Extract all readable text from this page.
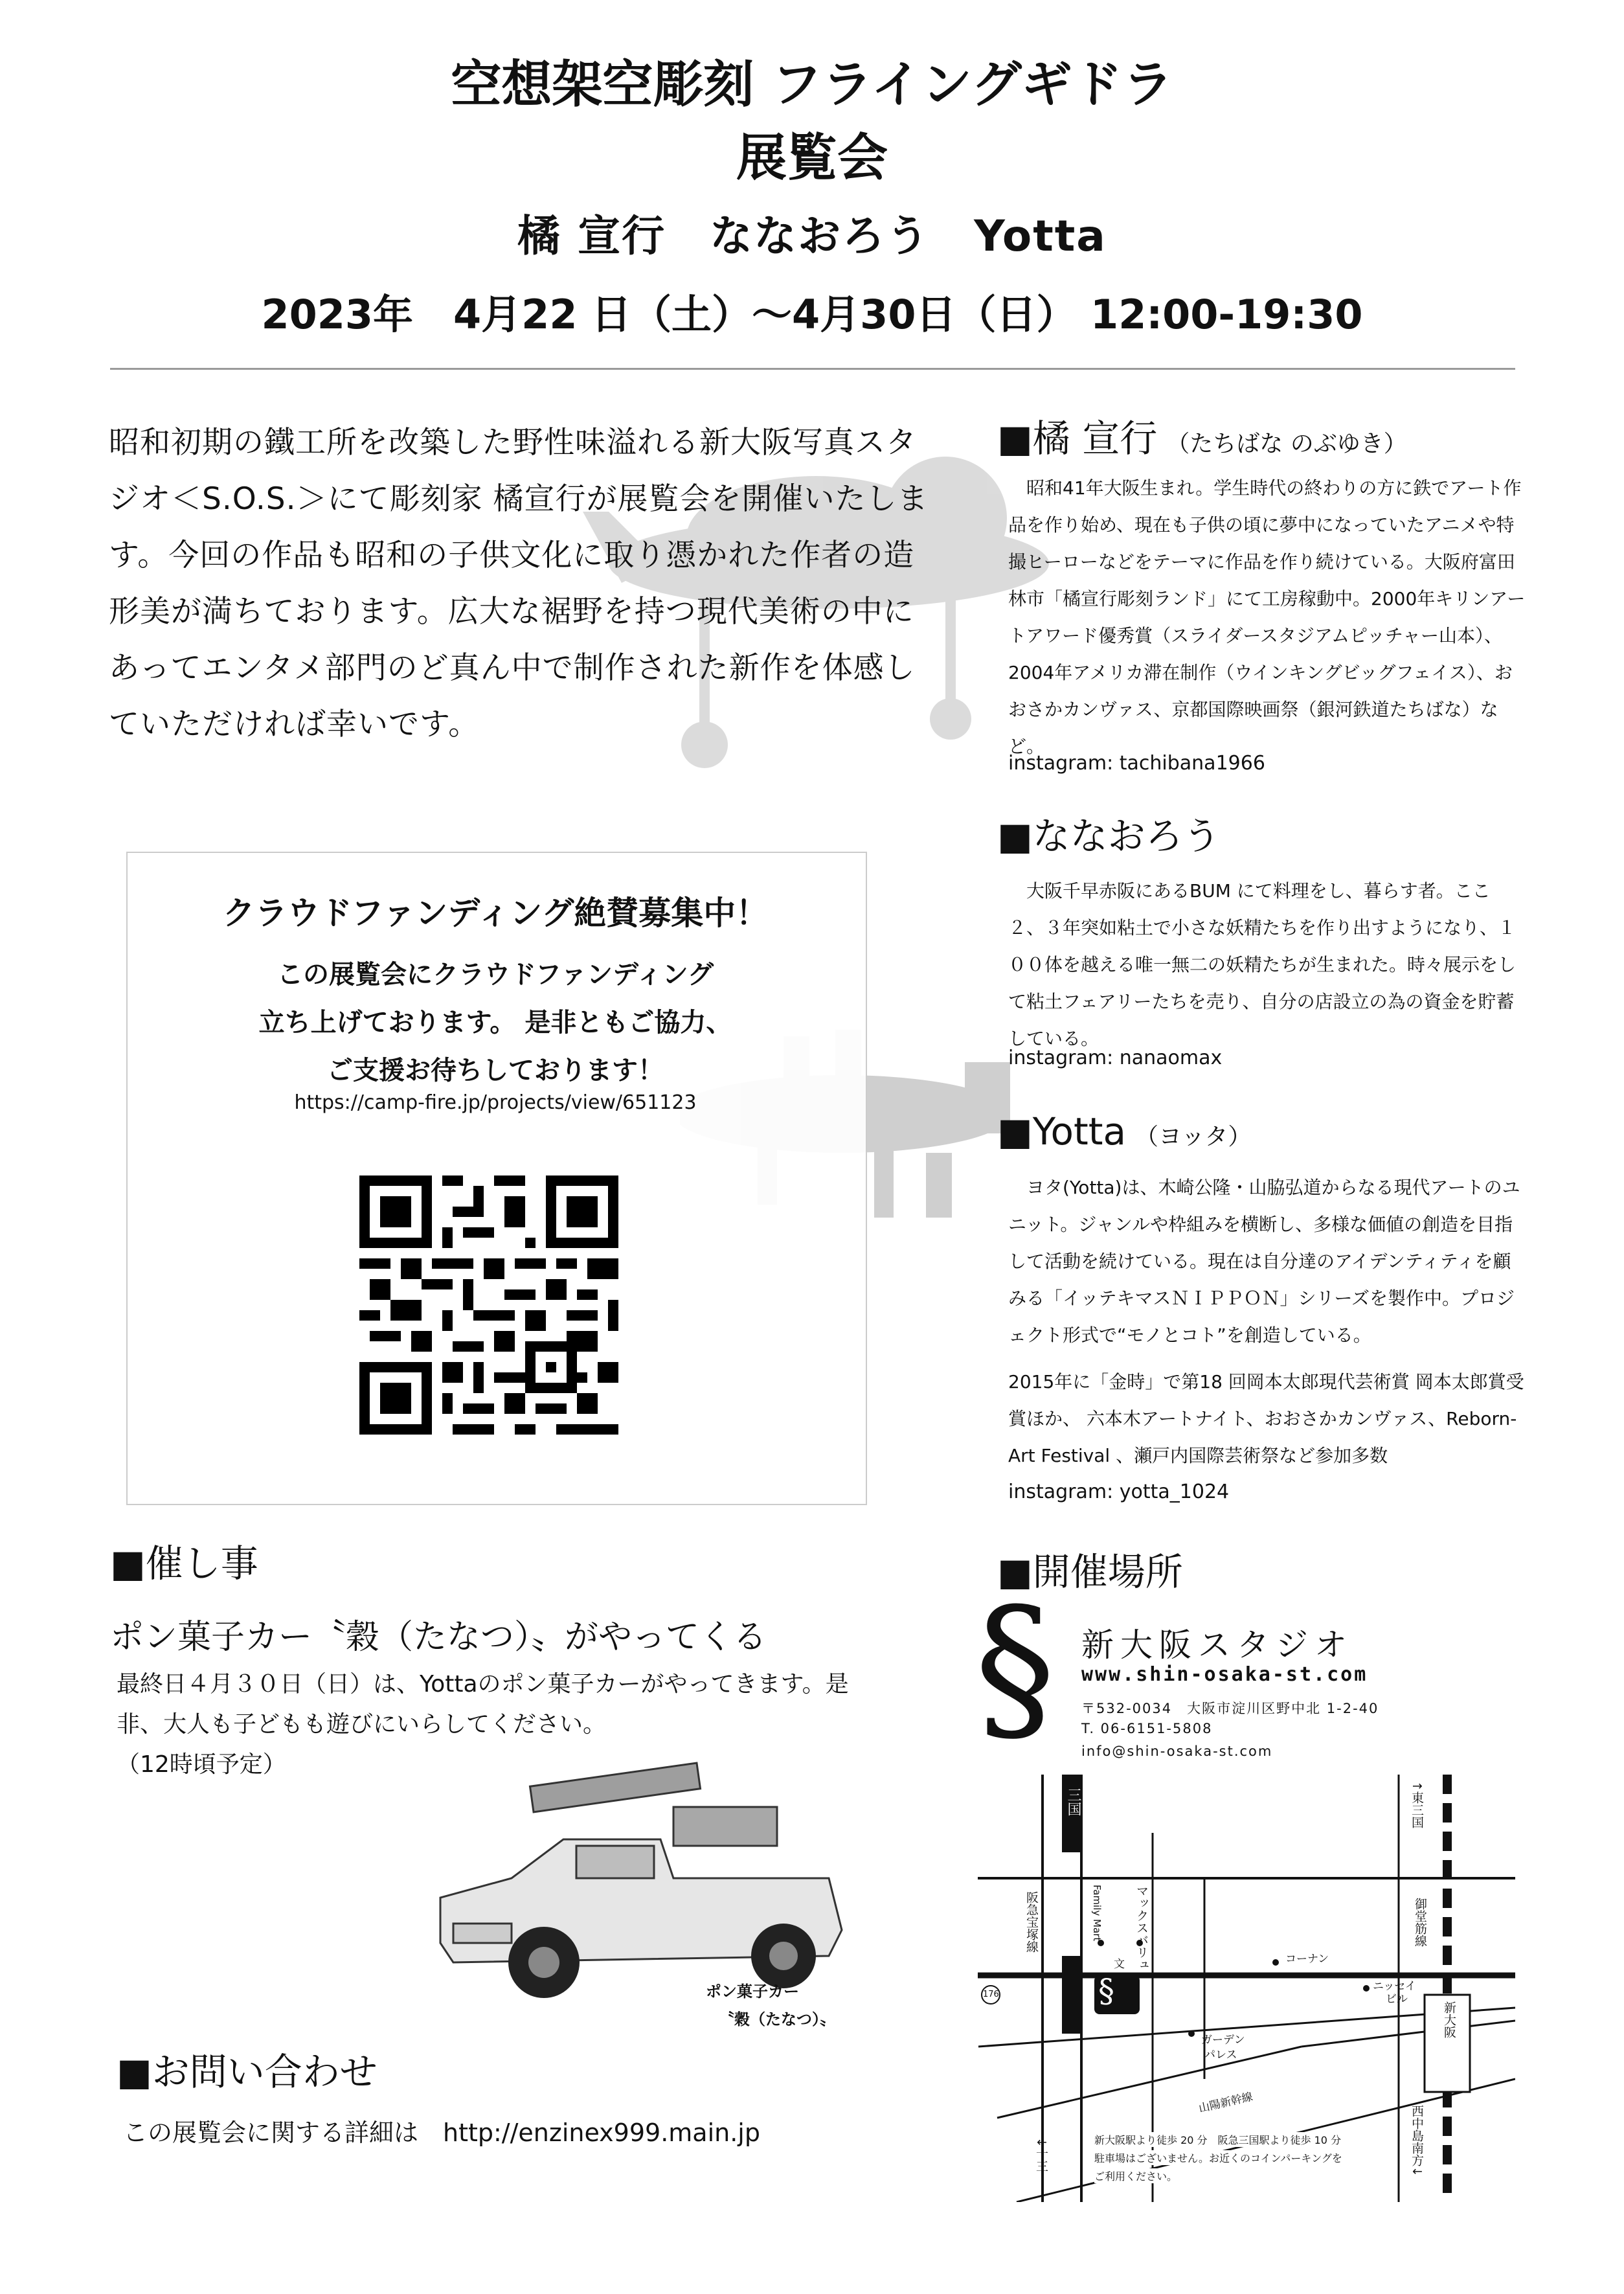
空想架空彫刻 フライングギドラ
展覧会
橘 宣行　ななおろう　Yotta
2023年　4月22 日（土）～4月30日（日） 12:00-19:30
昭和初期の鐵工所を改築した野性味溢れる新大阪写真スタジオ＜S.O.S.＞にて彫刻家 橘宣行が展覧会を開催いたします。今回の作品も昭和の子供文化に取り憑かれた作者の造形美が満ちております。広大な裾野を持つ現代美術の中にあってエンタメ部門のど真ん中で制作された新作を体感していただければ幸いです。
クラウドファンディング絶賛募集中！
この展覧会にクラウドファンディング
立ち上げております。 是非ともご協力、
ご支援お待ちしております！
https://camp-fire.jp/projects/view/651123
■橘 宣行 （たちばな のぶゆき）
　昭和41年大阪生まれ。学生時代の終わりの方に鉄でアート作品を作り始め、現在も子供の頃に夢中になっていたアニメや特撮ヒーローなどをテーマに作品を作り続けている。大阪府富田林市「橘宣行彫刻ランド」にて工房稼動中。2000年キリンアートアワード優秀賞（スライダースタジアムピッチャー山本）、2004年アメリカ滞在制作（ウインキングビッグフェイス）、おおさかカンヴァス、京都国際映画祭（銀河鉄道たちばな）など。
instagram: tachibana1966
■ななおろう
　大阪千早赤阪にあるBUM にて料理をし、暮らす者。ここ２、３年突如粘土で小さな妖精たちを作り出すようになり、１００体を越える唯一無二の妖精たちが生まれた。時々展示をして粘土フェアリーたちを売り、自分の店設立の為の資金を貯蓄している。
instagram: nanaomax
■Yotta （ヨッタ）
　ヨタ(Yotta)は、木崎公隆・山脇弘道からなる現代アートのユニット。ジャンルや枠組みを横断し、多様な価値の創造を目指して活動を続けている。現在は自分達のアイデンティティを顧みる「イッテキマスＮＩＰＰＯＮ」シリーズを製作中。プロジェクト形式で“モノとコト”を創造している。
2015年に「金時」で第18 回岡本太郎現代芸術賞 岡本太郎賞受賞ほか、 六本木アートナイト、おおさかカンヴァス、Reborn-Art Festival 、瀬戸内国際芸術祭など参加多数
instagram: yotta_1024
■催し事
ポン菓子カー〝穀（たなつ）〟がやってくる
最終日４月３０日（日）は、Yottaのポン菓子カーがやってきます。是非、大人も子どもも遊びにいらしてください。
（12時頃予定）
ポン菓子カー
〝穀（たなつ）〟
■お問い合わせ
この展覧会に関する詳細は　http://enzinex999.main.jp
■開催場所
§ 新大阪スタジオ
www.shin-osaka-st.com
〒532-0034　大阪市淀川区野中北 1-2-40
T. 06-6151-5808
info@shin-osaka-st.com
§
三国
阪急宝塚線	Family Mart	マックスバリュ	コーナン
ニッセイ
ビル
ガーデン
パレス
山陽新幹線
↑東三国
御堂筋線
新大阪
西中島南方↓
↓十三
176
文
新大阪駅より徒歩 20 分　阪急三国駅より徒歩 10 分
駐車場はございません。お近くのコインパーキングを
ご利用ください。
